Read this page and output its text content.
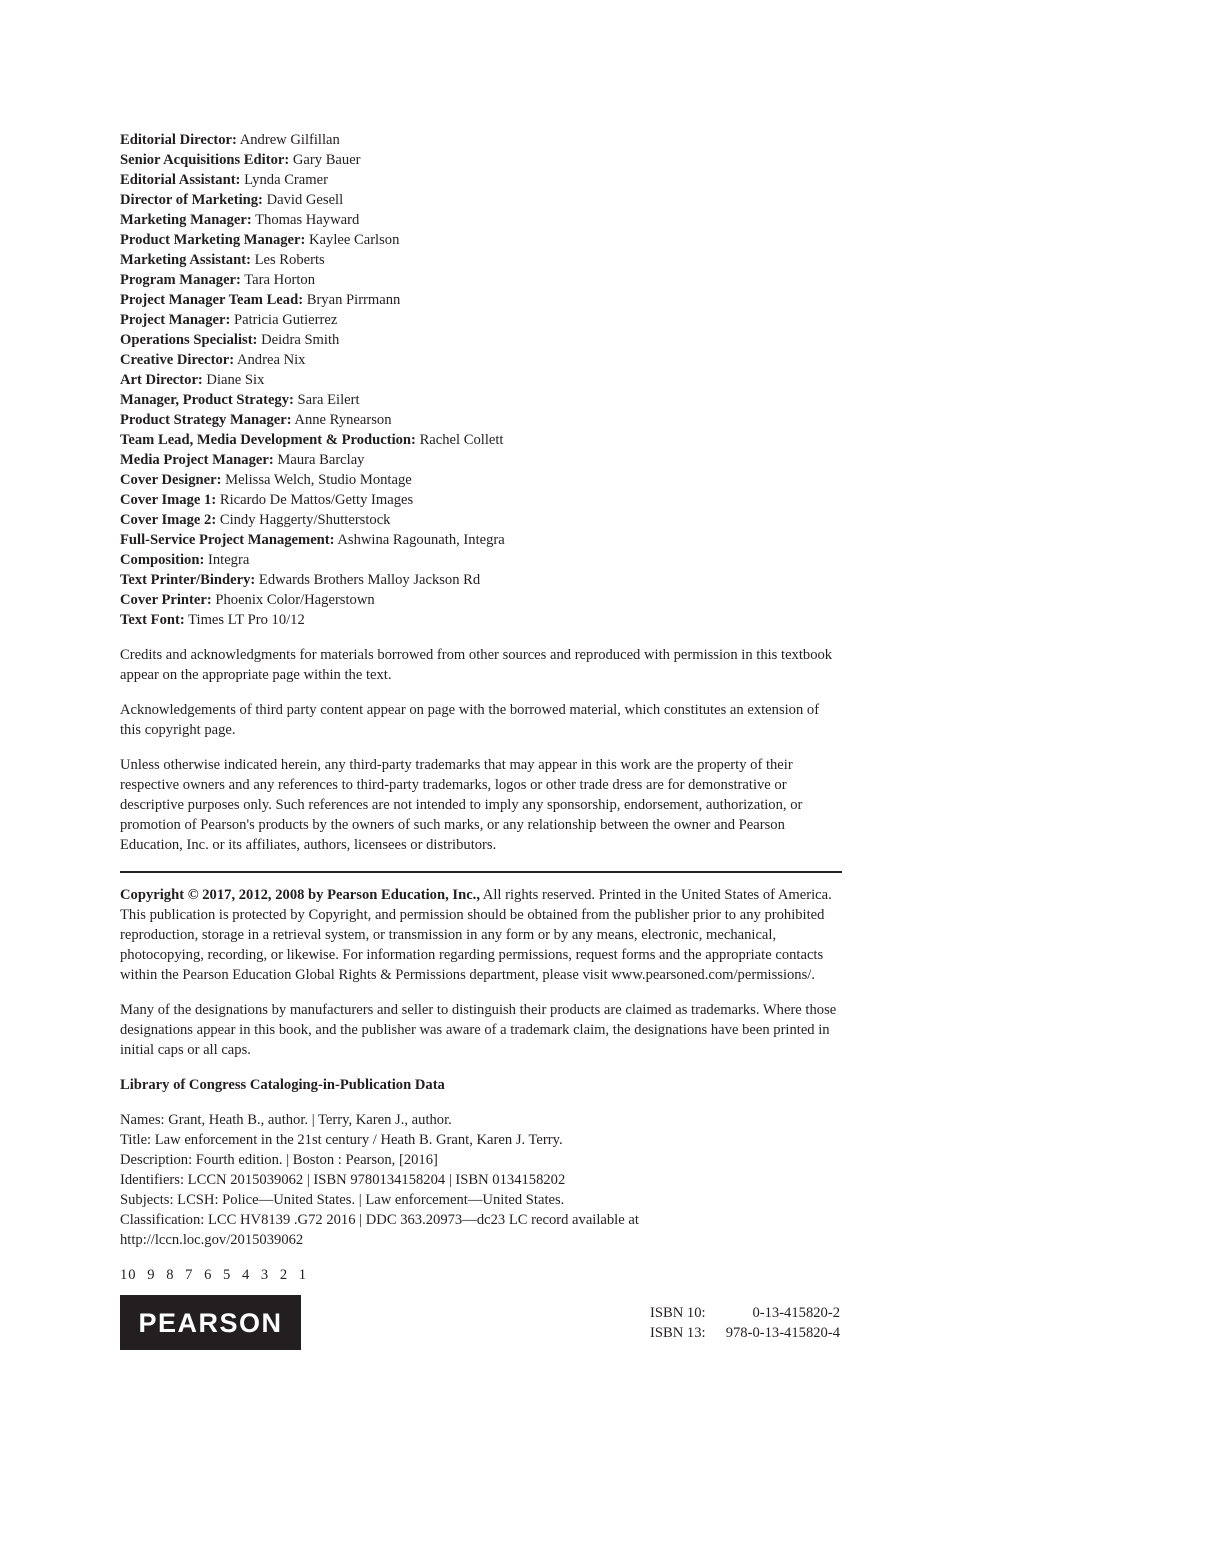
Editorial Director: Andrew Gilfillan

Senior Acquisitions Editor: Gary Bauer

Editorial Assistant: Lynda Cramer

Director of Marketing: David Gesell

Marketing Manager: Thomas Hayward

Product Marketing Manager: Kaylee Carlson

Marketing Assistant: Les Roberts

Program Manager: Tara Horton

Project Manager Team Lead: Bryan Pirrmann

Project Manager: Patricia Gutierrez

Operations Specialist: Deidra Smith

Creative Director: Andrea Nix

Art Director: Diane Six

Manager, Product Strategy: Sara Eilert

Product Strategy Manager: Anne Rynearson

Team Lead, Media Development & Production: Rachel Collett

Media Project Manager: Maura Barclay

Cover Designer: Melissa Welch, Studio Montage

Cover Image 1: Ricardo De Mattos/Getty Images

Cover Image 2: Cindy Haggerty/Shutterstock

Full-Service Project Management: Ashwina Ragounath, Integra

Composition: Integra

Text Printer/Bindery: Edwards Brothers Malloy Jackson Rd

Cover Printer: Phoenix Color/Hagerstown

Text Font: Times LT Pro 10/12

Credits and acknowledgments for materials borrowed from other sources and reproduced with permission in this textbook appear on the appropriate page within the text.

Acknowledgements of third party content appear on page with the borrowed material, which constitutes an extension of this copyright page.

Unless otherwise indicated herein, any third-party trademarks that may appear in this work are the property of their respective owners and any references to third-party trademarks, logos or other trade dress are for demonstrative or descriptive purposes only. Such references are not intended to imply any sponsorship, endorsement, authorization, or promotion of Pearson's products by the owners of such marks, or any relationship between the owner and Pearson Education, Inc. or its affiliates, authors, licensees or distributors.

Copyright © 2017, 2012, 2008 by Pearson Education, Inc., All rights reserved. Printed in the United States of America. This publication is protected by Copyright, and permission should be obtained from the publisher prior to any prohibited reproduction, storage in a retrieval system, or transmission in any form or by any means, electronic, mechanical, photocopying, recording, or likewise. For information regarding permissions, request forms and the appropriate contacts within the Pearson Education Global Rights & Permissions department, please visit www.pearsoned.com/permissions/.

Many of the designations by manufacturers and seller to distinguish their products are claimed as trademarks. Where those designations appear in this book, and the publisher was aware of a trademark claim, the designations have been printed in initial caps or all caps.

Library of Congress Cataloging-in-Publication Data

Names: Grant, Heath B., author. | Terry, Karen J., author.

Title: Law enforcement in the 21st century / Heath B. Grant, Karen J. Terry.

Description: Fourth edition. | Boston : Pearson, [2016]

Identifiers: LCCN 2015039062 | ISBN 9780134158204 | ISBN 0134158202

Subjects: LCSH: Police—United States. | Law enforcement—United States.

Classification: LCC HV8139 .G72 2016 | DDC 363.20973—dc23 LC record available at

http://lccn.loc.gov/2015039062

10 9 8 7 6 5 4 3 2 1

PEARSON	ISBN 10:	0-13-415820-2
ISBN 13: 978-0-13-415820-4
